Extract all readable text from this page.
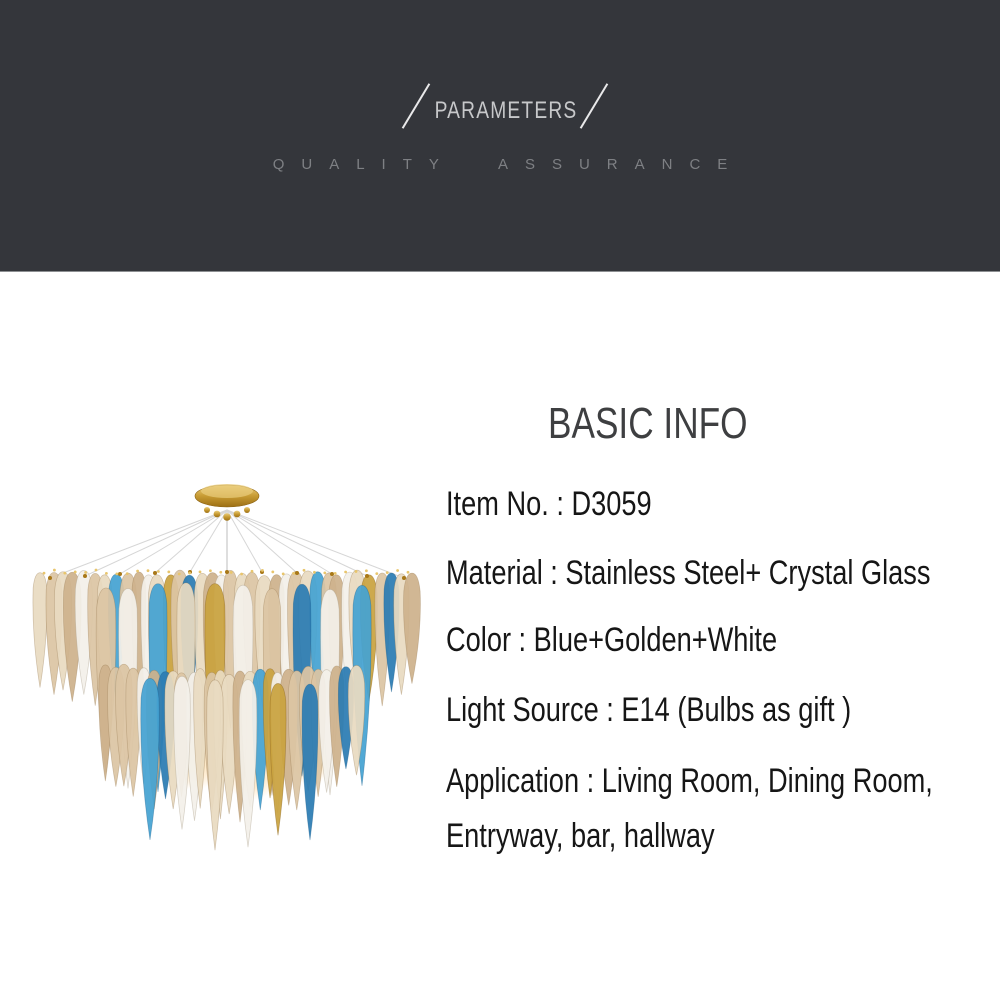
PARAMETERS
QUALITY ASSURANCE
BASIC INFO
Item No. : D3059
Material : Stainless Steel+ Crystal Glass
Color : Blue+Golden+White
Light Source : E14 (Bulbs as gift )
Application : Living Room, Dining Room,
Entryway, bar, hallway
